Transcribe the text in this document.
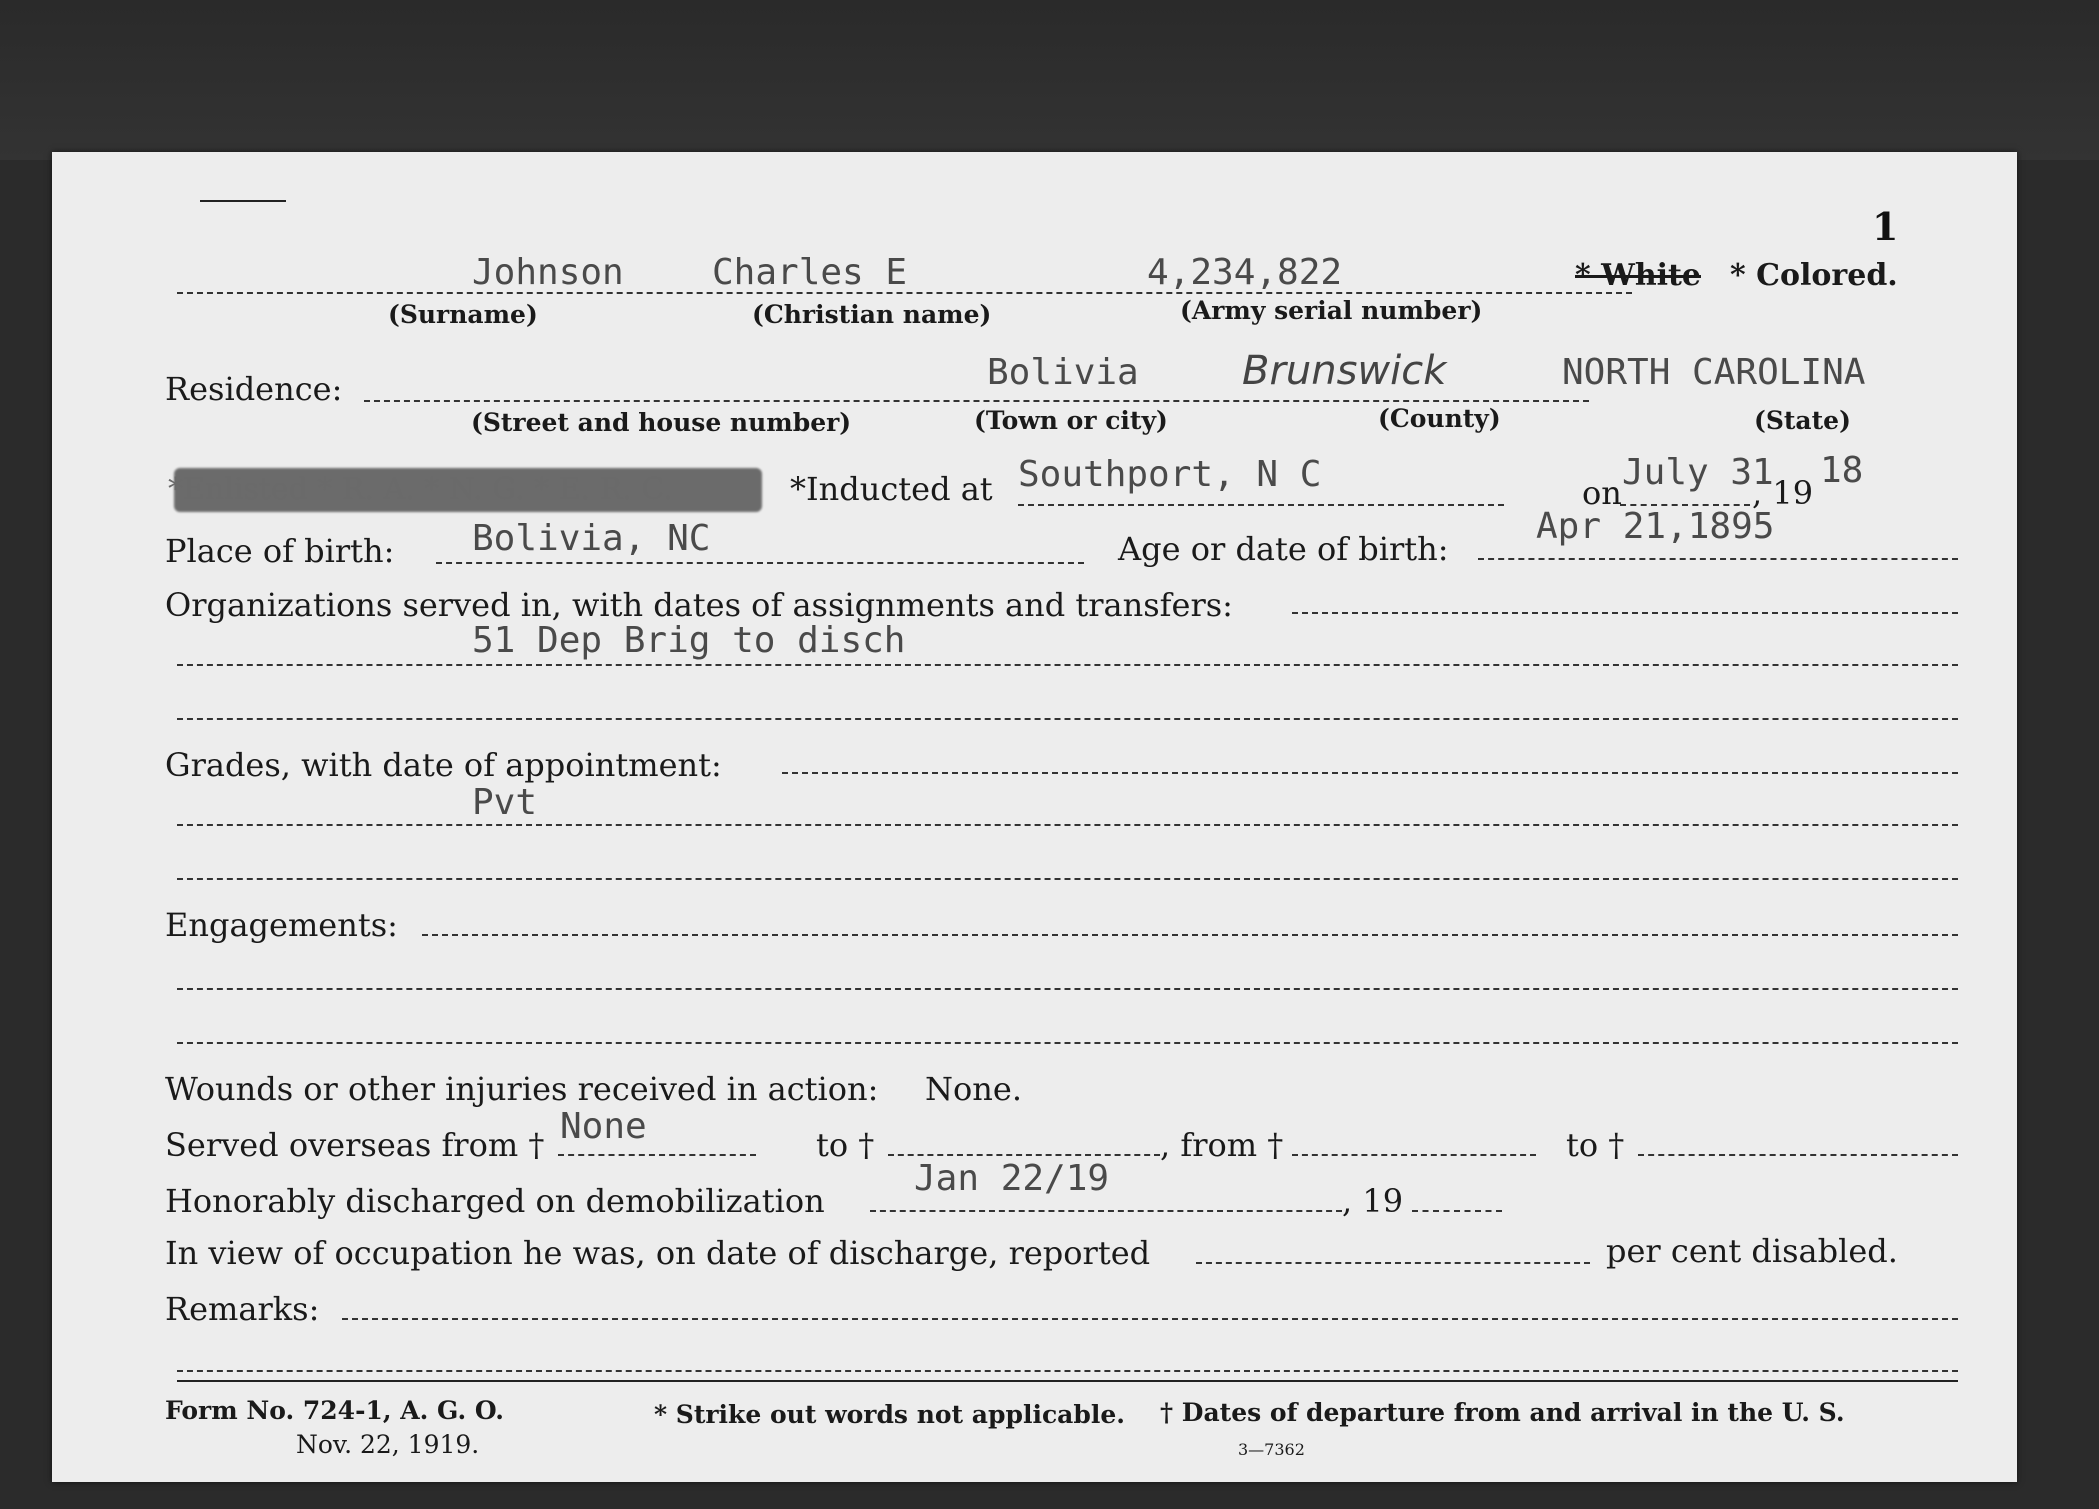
1
Johnson Charles E	4,234,822	* White * Colored.
(Surname)	(Christian name)	(Army serial number)
Residence:	Bolivia	Brunswick	NORTH CAROLINA
(Street and house number)	(Town or city)	(County)	(State)
*Enlisted * R. A. * N. G. * E. R. C.	*Inducted at Southport, N C	on July 31
, 19
18
Place of birth: Bolivia, NC	Age or date of birth:
Apr 21,1895
Organizations served in, with dates of assignments and transfers:
51 Dep Brig to disch
Grades, with date of appointment:
Pvt
Engagements:
Wounds or other injuries received in action: None.
Served overseas from † None	to †	, from †	to †
Honorably discharged on demobilization
Jan 22/19
, 19
In view of occupation he was, on date of discharge, reported	per cent disabled.
Remarks:
Form No. 724-1, A. G. O.
Nov. 22, 1919.
* Strike out words not applicable. † Dates of departure from and arrival in the U. S.
3—7362
